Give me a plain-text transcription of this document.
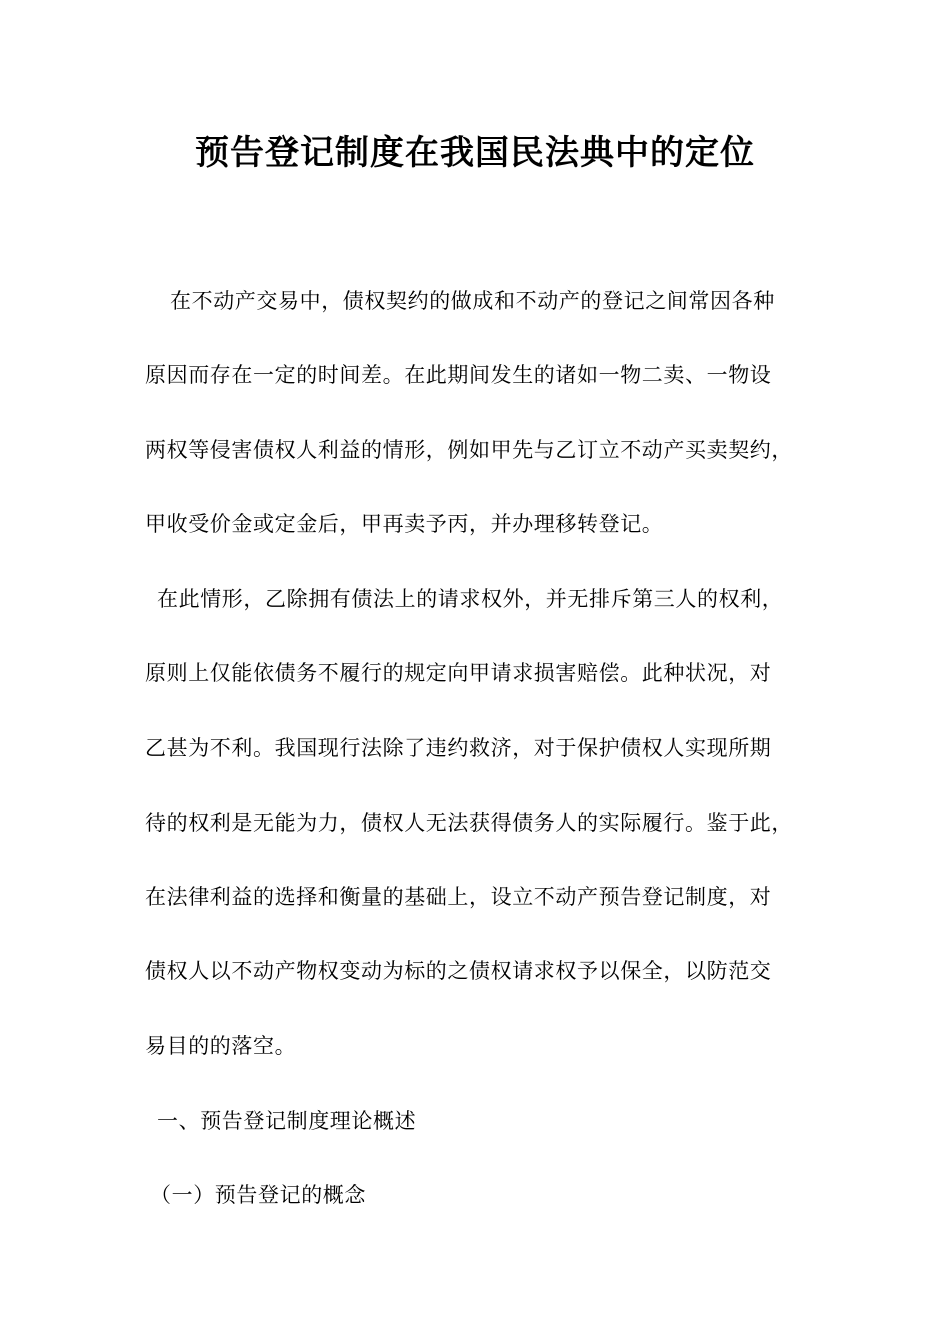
预告登记制度在我国民法典中的定位
在不动产交易中，债权契约的做成和不动产的登记之间常因各种
原因而存在一定的时间差。在此期间发生的诸如一物二卖、一物设
两权等侵害债权人利益的情形，例如甲先与乙订立不动产买卖契约，
甲收受价金或定金后，甲再卖予丙，并办理移转登记。
在此情形，乙除拥有债法上的请求权外，并无排斥第三人的权利，
原则上仅能依债务不履行的规定向甲请求损害赔偿。此种状况，对
乙甚为不利。我国现行法除了违约救济，对于保护债权人实现所期
待的权利是无能为力，债权人无法获得债务人的实际履行。鉴于此，
在法律利益的选择和衡量的基础上，设立不动产预告登记制度，对
债权人以不动产物权变动为标的之债权请求权予以保全，以防范交
易目的的落空。
一、预告登记制度理论概述
（一）预告登记的概念
